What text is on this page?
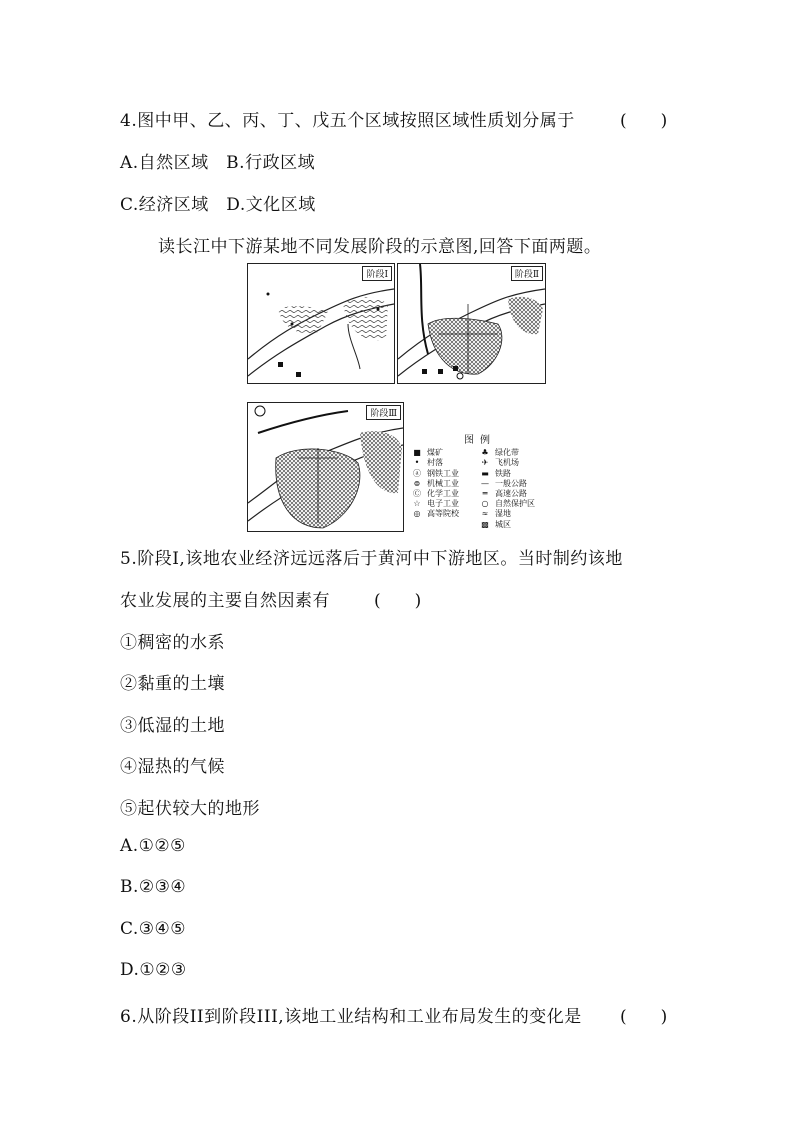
4.图中甲、乙、丙、丁、戊五个区域按照区域性质划分属于	(　　)
A.自然区域　B.行政区域
C.经济区域　D.文化区域
读长江中下游某地不同发展阶段的示意图,回答下面两题。
阶段Ⅰ	阶段Ⅱ
阶段Ⅲ
图例
■ 煤矿	♣ 绿化带
• 村落	✈ 飞机场
ⓐ 钢铁工业	▬ 铁路
⊜ 机械工业	— 一般公路
Ⓒ 化学工业	═ 高速公路
☆ 电子工业	○ 自然保护区
◎ 高等院校	≈ 湿地
▩ 城区
5.阶段Ⅰ,该地农业经济远远落后于黄河中下游地区。当时制约该地
农业发展的主要自然因素有	(　　)
①稠密的水系
②黏重的土壤
③低湿的土地
④湿热的气候
⑤起伏较大的地形
A.①②⑤
B.②③④
C.③④⑤
D.①②③
6.从阶段II到阶段III,该地工业结构和工业布局发生的变化是 (　　)
